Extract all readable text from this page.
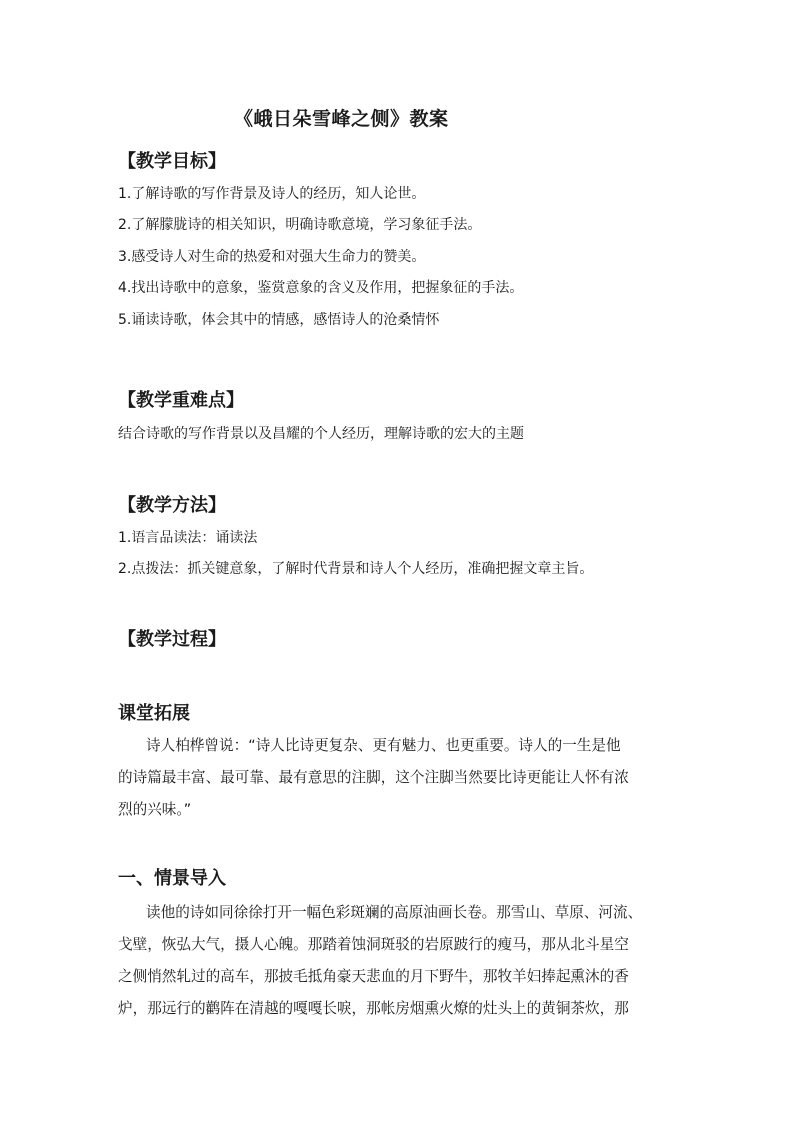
《峨日朵雪峰之侧》教案
【教学目标】
1.了解诗歌的写作背景及诗人的经历，知人论世。
2.了解朦胧诗的相关知识，明确诗歌意境，学习象征手法。
3.感受诗人对生命的热爱和对强大生命力的赞美。
4.找出诗歌中的意象，鉴赏意象的含义及作用，把握象征的手法。
5.诵读诗歌，体会其中的情感，感悟诗人的沧桑情怀
【教学重难点】
结合诗歌的写作背景以及昌耀的个人经历，理解诗歌的宏大的主题
【教学方法】
1.语言品读法：诵读法
2.点拨法：抓关键意象，了解时代背景和诗人个人经历，准确把握文章主旨。
【教学过程】
课堂拓展
诗人柏桦曾说：“诗人比诗更复杂、更有魅力、也更重要。诗人的一生是他
的诗篇最丰富、最可靠、最有意思的注脚，这个注脚当然要比诗更能让人怀有浓
烈的兴味。”
一、情景导入
读他的诗如同徐徐打开一幅色彩斑斓的高原油画长卷。那雪山、草原、河流、
戈壁，恢弘大气，摄人心魄。那踏着蚀洞斑驳的岩原跛行的瘦马，那从北斗星空
之侧悄然轧过的高车，那披毛抵角豪天悲血的月下野牛，那牧羊妇捧起熏沐的香
炉，那远行的鹳阵在清越的嘎嘎长唳，那帐房烟熏火燎的灶头上的黄铜茶炊，那
